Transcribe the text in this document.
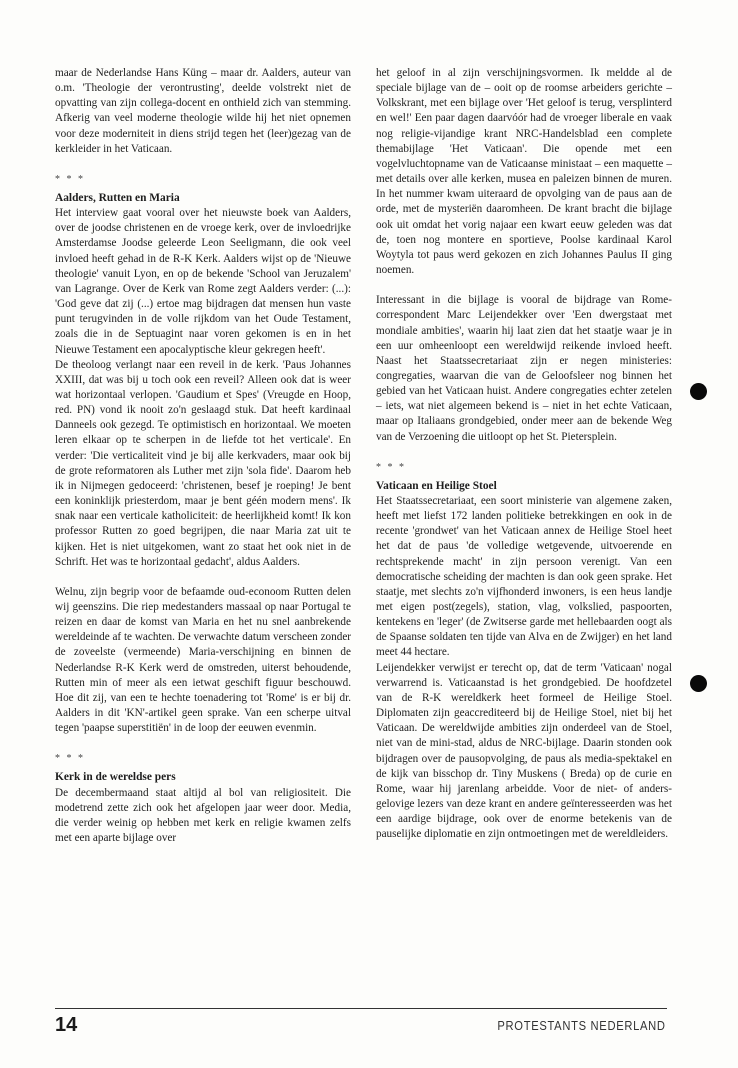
maar de Nederlandse Hans Küng – maar dr. Aalders, auteur van o.m. 'Theologie der verontrusting', deelde volstrekt niet de opvatting van zijn collega-docent en onthield zich van stemming. Afkerig van veel moderne theologie wilde hij het niet opnemen voor deze moderniteit in diens strijd tegen het (leer)gezag van de kerkleider in het Vaticaan.

* * *

Aalders, Rutten en Maria

Het interview gaat vooral over het nieuwste boek van Aalders, over de joodse christenen en de vroege kerk, over de invloedrijke Amsterdamse Joodse geleerde Leon Seeligmann, die ook veel invloed heeft gehad in de R-K Kerk. Aalders wijst op de 'Nieuwe theologie' vanuit Lyon, en op de bekende 'School van Jeruzalem' van Lagrange. Over de Kerk van Rome zegt Aalders verder: (...): 'God geve dat zij (...) ertoe mag bijdragen dat mensen hun vaste punt terugvinden in de volle rijkdom van het Oude Testament, zoals die in de Septuagint naar voren gekomen is en in het Nieuwe Testament een apocalyptische kleur gekregen heeft'.

De theoloog verlangt naar een reveil in de kerk. 'Paus Johannes XXIII, dat was bij u toch ook een reveil? Alleen ook dat is weer wat horizontaal verlopen. 'Gaudium et Spes' (Vreugde en Hoop, red. PN) vond ik nooit zo'n geslaagd stuk. Dat heeft kardinaal Danneels ook gezegd. Te optimistisch en horizontaal. We moeten leren elkaar op te scherpen in de liefde tot het verticale'. En verder: 'Die verticaliteit vind je bij alle kerkvaders, maar ook bij de grote reformatoren als Luther met zijn 'sola fide'. Daarom heb ik in Nijmegen gedoceerd: 'christenen, besef je roeping! Je bent een koninklijk priesterdom, maar je bent géén modern mens'. Ik snak naar een verticale katholiciteit: de heerlijkheid komt! Ik kon professor Rutten zo goed begrijpen, die naar Maria zat uit te kijken. Het is niet uitgekomen, want zo staat het ook niet in de Schrift. Het was te horizontaal gedacht', aldus Aalders.

Welnu, zijn begrip voor de befaamde oud-econoom Rutten delen wij geenszins. Die riep medestanders massaal op naar Portugal te reizen en daar de komst van Maria en het nu snel aanbrekende wereldeinde af te wachten. De verwachte datum verscheen zonder de zoveelste (vermeende) Maria-verschijning en binnen de Nederlandse R-K Kerk werd de omstreden, uiterst behoudende, Rutten min of meer als een ietwat geschift figuur beschouwd. Hoe dit zij, van een te hechte toenadering tot 'Rome' is er bij dr. Aalders in dit 'KN'-artikel geen sprake. Van een scherpe uitval tegen 'paapse superstitiën' in de loop der eeuwen evenmin.

* * *

Kerk in de wereldse pers

De decembermaand staat altijd al bol van religiositeit. Die modetrend zette zich ook het afgelopen jaar weer door. Media, die verder weinig op hebben met kerk en religie kwamen zelfs met een aparte bijlage over

het geloof in al zijn verschijningsvormen. Ik meldde al de speciale bijlage van de – ooit op de roomse arbeiders gerichte – Volkskrant, met een bijlage over 'Het geloof is terug, versplinterd en wel!' Een paar dagen daarvóór had de vroeger liberale en vaak nog religie-vijandige krant NRC-Handelsblad een complete themabijlage 'Het Vaticaan'. Die opende met een vogelvluchtopname van de Vaticaanse ministaat – een maquette – met details over alle kerken, musea en paleizen binnen de muren. In het nummer kwam uiteraard de opvolging van de paus aan de orde, met de mysteriën daaromheen. De krant bracht die bijlage ook uit omdat het vorig najaar een kwart eeuw geleden was dat de, toen nog montere en sportieve, Poolse kardinaal Karol Woytyla tot paus werd gekozen en zich Johannes Paulus II ging noemen.

Interessant in die bijlage is vooral de bijdrage van Rome-correspondent Marc Leijendekker over 'Een dwergstaat met mondiale ambities', waarin hij laat zien dat het staatje waar je in een uur omheenloopt een wereldwijd reikende invloed heeft. Naast het Staatssecretariaat zijn er negen ministeries: congregaties, waarvan die van de Geloofsleer nog binnen het gebied van het Vaticaan huist. Andere congregaties echter zetelen – iets, wat niet algemeen bekend is – niet in het echte Vaticaan, maar op Italiaans grondgebied, onder meer aan de bekende Weg van de Verzoening die uitloopt op het St. Pietersplein.

* * *

Vaticaan en Heilige Stoel

Het Staatssecretariaat, een soort ministerie van algemene zaken, heeft met liefst 172 landen politieke betrekkingen en ook in de recente 'grondwet' van het Vaticaan annex de Heilige Stoel heet het dat de paus 'de volledige wetgevende, uitvoerende en rechtsprekende macht' in zijn persoon verenigt. Van een democratische scheiding der machten is dan ook geen sprake. Het staatje, met slechts zo'n vijfhonderd inwoners, is een heus landje met eigen post(zegels), station, vlag, volkslied, paspoorten, kentekens en 'leger' (de Zwitserse garde met hellebaarden oogt als de Spaanse soldaten ten tijde van Alva en de Zwijger) en het land meet 44 hectare.

Leijendekker verwijst er terecht op, dat de term 'Vaticaan' nogal verwarrend is. Vaticaanstad is het grondgebied. De hoofdzetel van de R-K wereldkerk heet formeel de Heilige Stoel. Diplomaten zijn geaccrediteerd bij de Heilige Stoel, niet bij het Vaticaan. De wereldwijde ambities zijn onderdeel van de Stoel, niet van de mini-stad, aldus de NRC-bijlage. Daarin stonden ook bijdragen over de pausopvolging, de paus als media-spektakel en de kijk van bisschop dr. Tiny Muskens ( Breda) op de curie en Rome, waar hij jarenlang arbeidde. Voor de niet- of anders-gelovige lezers van deze krant en andere geïnteresseerden was het een aardige bijdrage, ook over de enorme betekenis van de pauselijke diplomatie en zijn ontmoetingen met de wereldleiders.

14	PROTESTANTS NEDERLAND
